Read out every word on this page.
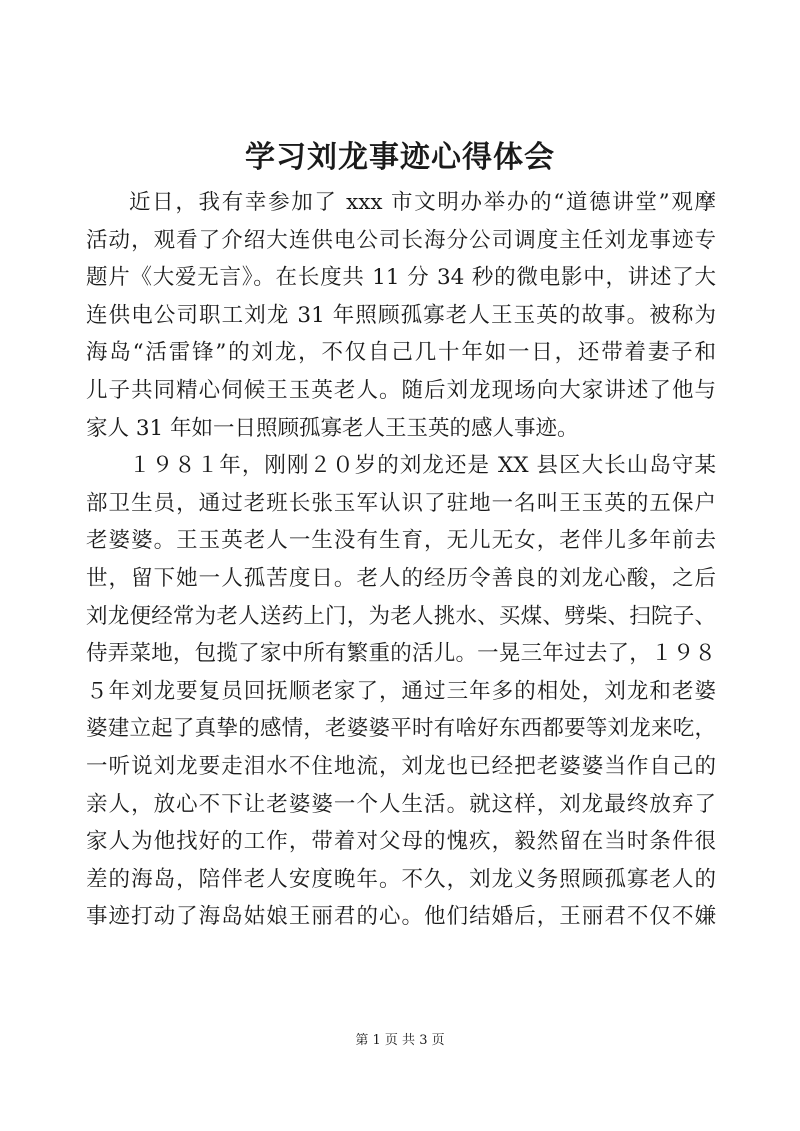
学习刘龙事迹心得体会
近日，我有幸参加了 xxx 市文明办举办的“道德讲堂”观摩
活动，观看了介绍大连供电公司长海分公司调度主任刘龙事迹专
题片《大爱无言》。在长度共 11 分 34 秒的微电影中，讲述了大
连供电公司职工刘龙 31 年照顾孤寡老人王玉英的故事。被称为
海岛“活雷锋”的刘龙，不仅自己几十年如一日，还带着妻子和
儿子共同精心伺候王玉英老人。随后刘龙现场向大家讲述了他与
家人 31 年如一日照顾孤寡老人王玉英的感人事迹。
１９８１年，刚刚２０岁的刘龙还是 XX 县区大长山岛守某
部卫生员，通过老班长张玉军认识了驻地一名叫王玉英的五保户
老婆婆。王玉英老人一生没有生育，无儿无女，老伴儿多年前去
世，留下她一人孤苦度日。老人的经历令善良的刘龙心酸，之后
刘龙便经常为老人送药上门，为老人挑水、买煤、劈柴、扫院子、
侍弄菜地，包揽了家中所有繁重的活儿。一晃三年过去了，１９８
５年刘龙要复员回抚顺老家了，通过三年多的相处，刘龙和老婆
婆建立起了真挚的感情，老婆婆平时有啥好东西都要等刘龙来吃，
一听说刘龙要走泪水不住地流，刘龙也已经把老婆婆当作自己的
亲人，放心不下让老婆婆一个人生活。就这样，刘龙最终放弃了
家人为他找好的工作，带着对父母的愧疚，毅然留在当时条件很
差的海岛，陪伴老人安度晚年。不久，刘龙义务照顾孤寡老人的
事迹打动了海岛姑娘王丽君的心。他们结婚后，王丽君不仅不嫌
第 1 页 共 3 页
